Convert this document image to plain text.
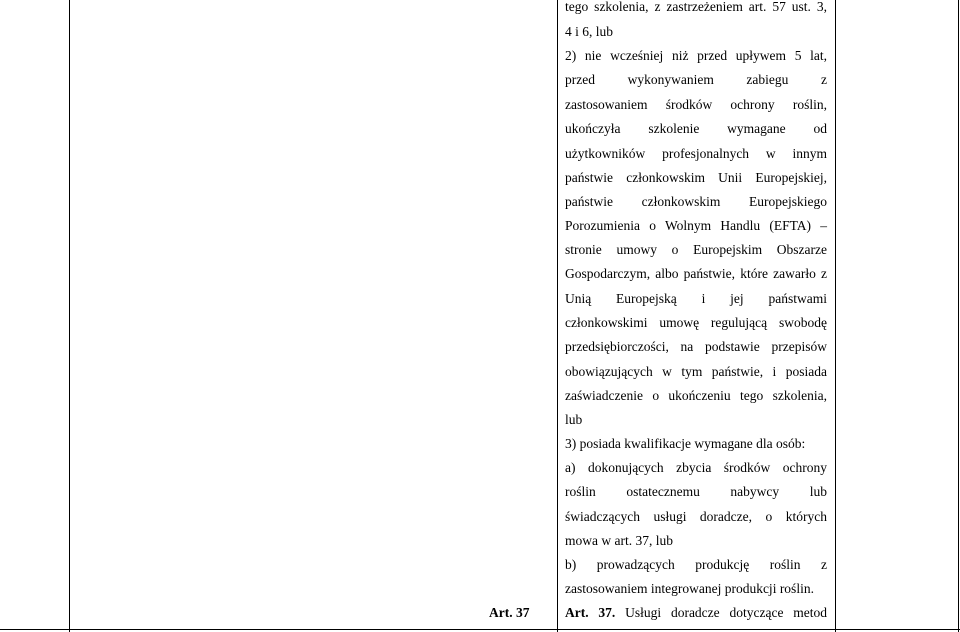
tego szkolenia, z zastrzeżeniem art. 57 ust. 3,
4 i 6, lub
2) nie wcześniej niż przed upływem 5 lat,
przed wykonywaniem zabiegu z
zastosowaniem środków ochrony roślin,
ukończyła szkolenie wymagane od
użytkowników profesjonalnych w innym
państwie członkowskim Unii Europejskiej,
państwie członkowskim Europejskiego
Porozumienia o Wolnym Handlu (EFTA) –
stronie umowy o Europejskim Obszarze
Gospodarczym, albo państwie, które zawarło z
Unią Europejską i jej państwami
członkowskimi umowę regulującą swobodę
przedsiębiorczości, na podstawie przepisów
obowiązujących w tym państwie, i posiada
zaświadczenie o ukończeniu tego szkolenia,
lub
3) posiada kwalifikacje wymagane dla osób:
a) dokonujących zbycia środków ochrony
roślin ostatecznemu nabywcy lub
świadczących usługi doradcze, o których
mowa w art. 37, lub
b) prowadzących produkcję roślin z
zastosowaniem integrowanej produkcji roślin.
Art. 37. Usługi doradcze dotyczące metod
Art. 37
